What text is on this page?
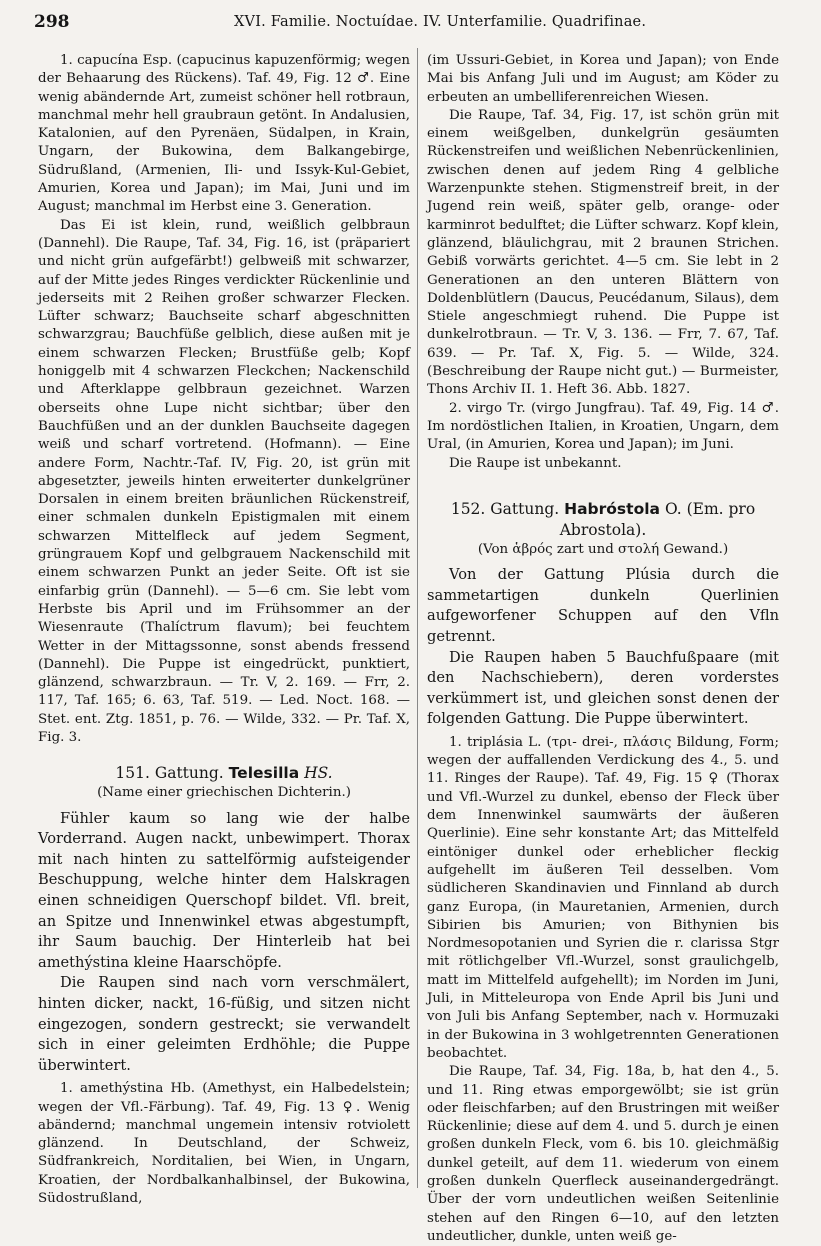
298	XVI. Familie. Noctuídae. IV. Unterfamilie. Quadrifinae.

1. capucína Esp. (capucinus kapuzenförmig; wegen der Behaarung des Rückens). Taf. 49, Fig. 12 ♂. Eine wenig abändernde Art, zumeist schöner hell rotbraun, manchmal mehr hell graubraun getönt. In Andalusien, Katalonien, auf den Pyrenäen, Südalpen, in Krain, Ungarn, der Bukowina, dem Balkangebirge, Südrußland, (Armenien, Ili- und Issyk-Kul-Gebiet, Amurien, Korea und Japan); im Mai, Juni und im August; manchmal im Herbst eine 3. Generation.

Das Ei ist klein, rund, weißlich gelbbraun (Dannehl). Die Raupe, Taf. 34, Fig. 16, ist (präpariert und nicht grün aufgefärbt!) gelbweiß mit schwarzer, auf der Mitte jedes Ringes verdickter Rückenlinie und jederseits mit 2 Reihen großer schwarzer Flecken. Lüfter schwarz; Bauchseite scharf abgeschnitten schwarzgrau; Bauchfüße gelblich, diese außen mit je einem schwarzen Flecken; Brustfüße gelb; Kopf honiggelb mit 4 schwarzen Fleckchen; Nackenschild und Afterklappe gelbbraun gezeichnet. Warzen oberseits ohne Lupe nicht sichtbar; über den Bauchfüßen und an der dunklen Bauchseite dagegen weiß und scharf vortretend. (Hofmann). — Eine andere Form, Nachtr.-Taf. IV, Fig. 20, ist grün mit abgesetzter, jeweils hinten erweiterter dunkelgrüner Dorsalen in einem breiten bräunlichen Rückenstreif, einer schmalen dunkeln Epistigmalen mit einem schwarzen Mittelfleck auf jedem Segment, grüngrauem Kopf und gelbgrauem Nackenschild mit einem schwarzen Punkt an jeder Seite. Oft ist sie einfarbig grün (Dannehl). — 5—6 cm. Sie lebt vom Herbste bis April und im Frühsommer an der Wiesenraute (Thalíctrum flavum); bei feuchtem Wetter in der Mittagssonne, sonst abends fressend (Dannehl). Die Puppe ist eingedrückt, punktiert, glänzend, schwarzbraun. — Tr. V, 2. 169. — Frr, 2. 117, Taf. 165; 6. 63, Taf. 519. — Led. Noct. 168. — Stet. ent. Ztg. 1851, p. 76. — Wilde, 332. — Pr. Taf. X, Fig. 3.

151. Gattung. Telesilla HS.

(Name einer griechischen Dichterin.)

Fühler kaum so lang wie der halbe Vorderrand. Augen nackt, unbewimpert. Thorax mit nach hinten zu sattelförmig aufsteigender Beschuppung, welche hinter dem Halskragen einen schneidigen Querschopf bildet. Vfl. breit, an Spitze und Innenwinkel etwas abgestumpft, ihr Saum bauchig. Der Hinterleib hat bei amethýstina kleine Haarschöpfe.

Die Raupen sind nach vorn verschmälert, hinten dicker, nackt, 16-füßig, und sitzen nicht eingezogen, sondern gestreckt; sie verwandelt sich in einer geleimten Erdhöhle; die Puppe überwintert.

1. amethýstina Hb. (Amethyst, ein Halbedelstein; wegen der Vfl.-Färbung). Taf. 49, Fig. 13 ♀. Wenig abändernd; manchmal ungemein intensiv rotviolett glänzend. In Deutschland, der Schweiz, Südfrankreich, Norditalien, bei Wien, in Ungarn, Kroatien, der Nordbalkanhalbinsel, der Bukowina, Südostrußland,

(im Ussuri-Gebiet, in Korea und Japan); von Ende Mai bis Anfang Juli und im August; am Köder zu erbeuten an umbelliferenreichen Wiesen.

Die Raupe, Taf. 34, Fig. 17, ist schön grün mit einem weißgelben, dunkelgrün gesäumten Rückenstreifen und weißlichen Nebenrückenlinien, zwischen denen auf jedem Ring 4 gelbliche Warzenpunkte stehen. Stigmenstreif breit, in der Jugend rein weiß, später gelb, orange- oder karminrot bedulftet; die Lüfter schwarz. Kopf klein, glänzend, bläulichgrau, mit 2 braunen Strichen. Gebiß vorwärts gerichtet. 4—5 cm. Sie lebt in 2 Generationen an den unteren Blättern von Doldenblütlern (Daucus, Peucédanum, Silaus), dem Stiele angeschmiegt ruhend. Die Puppe ist dunkelrotbraun. — Tr. V, 3. 136. — Frr, 7. 67, Taf. 639. — Pr. Taf. X, Fig. 5. — Wilde, 324. (Beschreibung der Raupe nicht gut.) — Burmeister, Thons Archiv II. 1. Heft 36. Abb. 1827.

2. virgo Tr. (virgo Jungfrau). Taf. 49, Fig. 14 ♂. Im nordöstlichen Italien, in Kroatien, Ungarn, dem Ural, (in Amurien, Korea und Japan); im Juni.

Die Raupe ist unbekannt.

152. Gattung. Habróstola O. (Em. pro Abrostola).

(Von ἁβρός zart und στολή Gewand.)

Von der Gattung Plúsia durch die sammetartigen dunkeln Querlinien aufgeworfener Schuppen auf den Vfln getrennt.

Die Raupen haben 5 Bauchfußpaare (mit den Nachschiebern), deren vorderstes verkümmert ist, und gleichen sonst denen der folgenden Gattung. Die Puppe überwintert.

1. triplásia L. (τρι- drei-, πλάσις Bildung, Form; wegen der auffallenden Verdickung des 4., 5. und 11. Ringes der Raupe). Taf. 49, Fig. 15 ♀ (Thorax und Vfl.-Wurzel zu dunkel, ebenso der Fleck über dem Innenwinkel saumwärts der äußeren Querlinie). Eine sehr konstante Art; das Mittelfeld eintöniger dunkel oder erheblicher fleckig aufgehellt im äußeren Teil desselben. Vom südlicheren Skandinavien und Finnland ab durch ganz Europa, (in Mauretanien, Armenien, durch Sibirien bis Amurien; von Bithynien bis Nordmesopotanien und Syrien die r. clarissa Stgr mit rötlichgelber Vfl.-Wurzel, sonst graulichgelb, matt im Mittelfeld aufgehellt); im Norden im Juni, Juli, in Mitteleuropa von Ende April bis Juni und von Juli bis Anfang September, nach v. Hormuzaki in der Bukowina in 3 wohlgetrennten Generationen beobachtet.

Die Raupe, Taf. 34, Fig. 18a, b, hat den 4., 5. und 11. Ring etwas emporgewölbt; sie ist grün oder fleischfarben; auf den Brustringen mit weißer Rückenlinie; diese auf dem 4. und 5. durch je einen großen dunkeln Fleck, vom 6. bis 10. gleichmäßig dunkel geteilt, auf dem 11. wiederum von einem großen dunkeln Querfleck auseinandergedrängt. Über der vorn undeutlichen weißen Seitenlinie stehen auf den Ringen 6—10, auf den letzten undeutlicher, dunkle, unten weiß ge-
